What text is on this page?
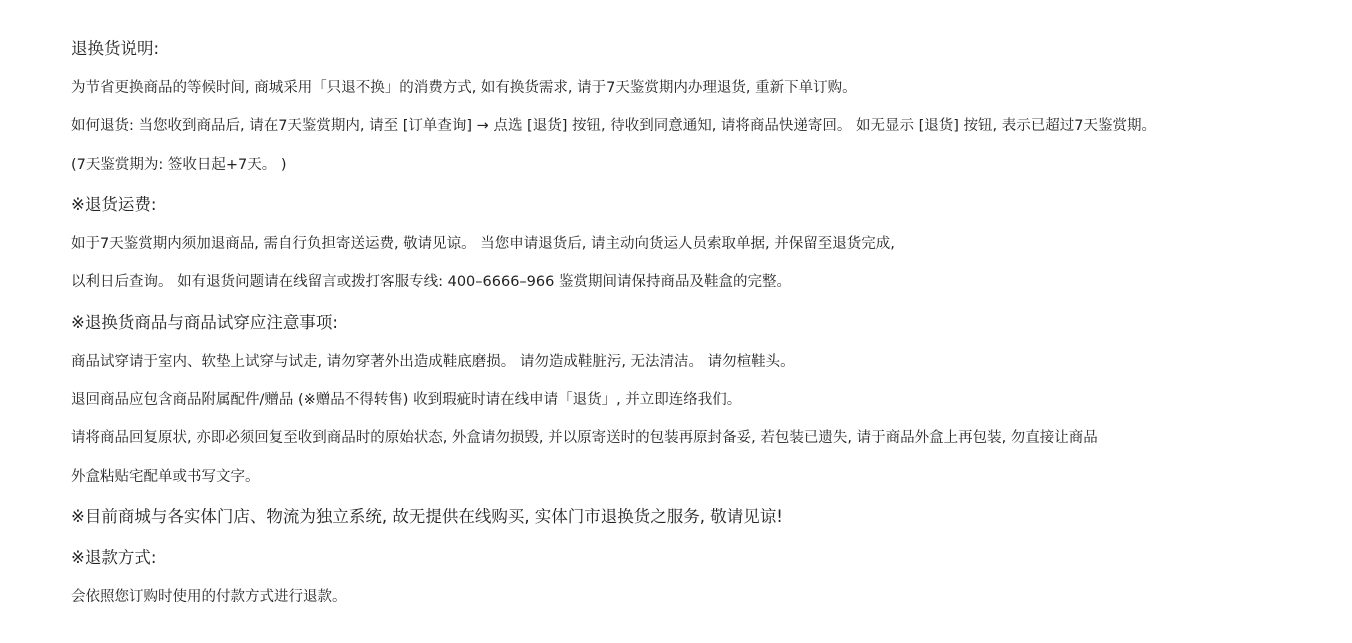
退换货说明:
为节省更换商品的等候时间, 商城采用「只退不换」的消费方式, 如有换货需求, 请于7天鉴赏期内办理退货, 重新下单订购。
如何退货: 当您收到商品后, 请在7天鉴赏期内, 请至 [订单查询] → 点选 [退货] 按钮, 待收到同意通知, 请将商品快递寄回。 如无显示 [退货] 按钮, 表示已超过7天鉴赏期。
(7天鉴赏期为: 签收日起+7天。 )
※退货运费:
如于7天鉴赏期内须加退商品, 需自行负担寄送运费, 敬请见谅。 当您申请退货后, 请主动向货运人员索取单据, 并保留至退货完成,
以利日后查询。 如有退货问题请在线留言或拨打客服专线: 400–6666–966 鉴赏期间请保持商品及鞋盒的完整。
※退换货商品与商品试穿应注意事项:
商品试穿请于室内、软垫上试穿与试走, 请勿穿著外出造成鞋底磨损。 请勿造成鞋脏污, 无法清洁。 请勿楦鞋头。
退回商品应包含商品附属配件/赠品 (※赠品不得转售) 收到瑕疵时请在线申请「退货」, 并立即连络我们。
请将商品回复原状, 亦即必须回复至收到商品时的原始状态, 外盒请勿损毁, 并以原寄送时的包装再原封备妥, 若包装已遗失, 请于商品外盒上再包装, 勿直接让商品
外盒粘贴宅配单或书写文字。
※目前商城与各实体门店、物流为独立系统, 故无提供在线购买, 实体门市退换货之服务, 敬请见谅!
※退款方式:
会依照您订购时使用的付款方式进行退款。
